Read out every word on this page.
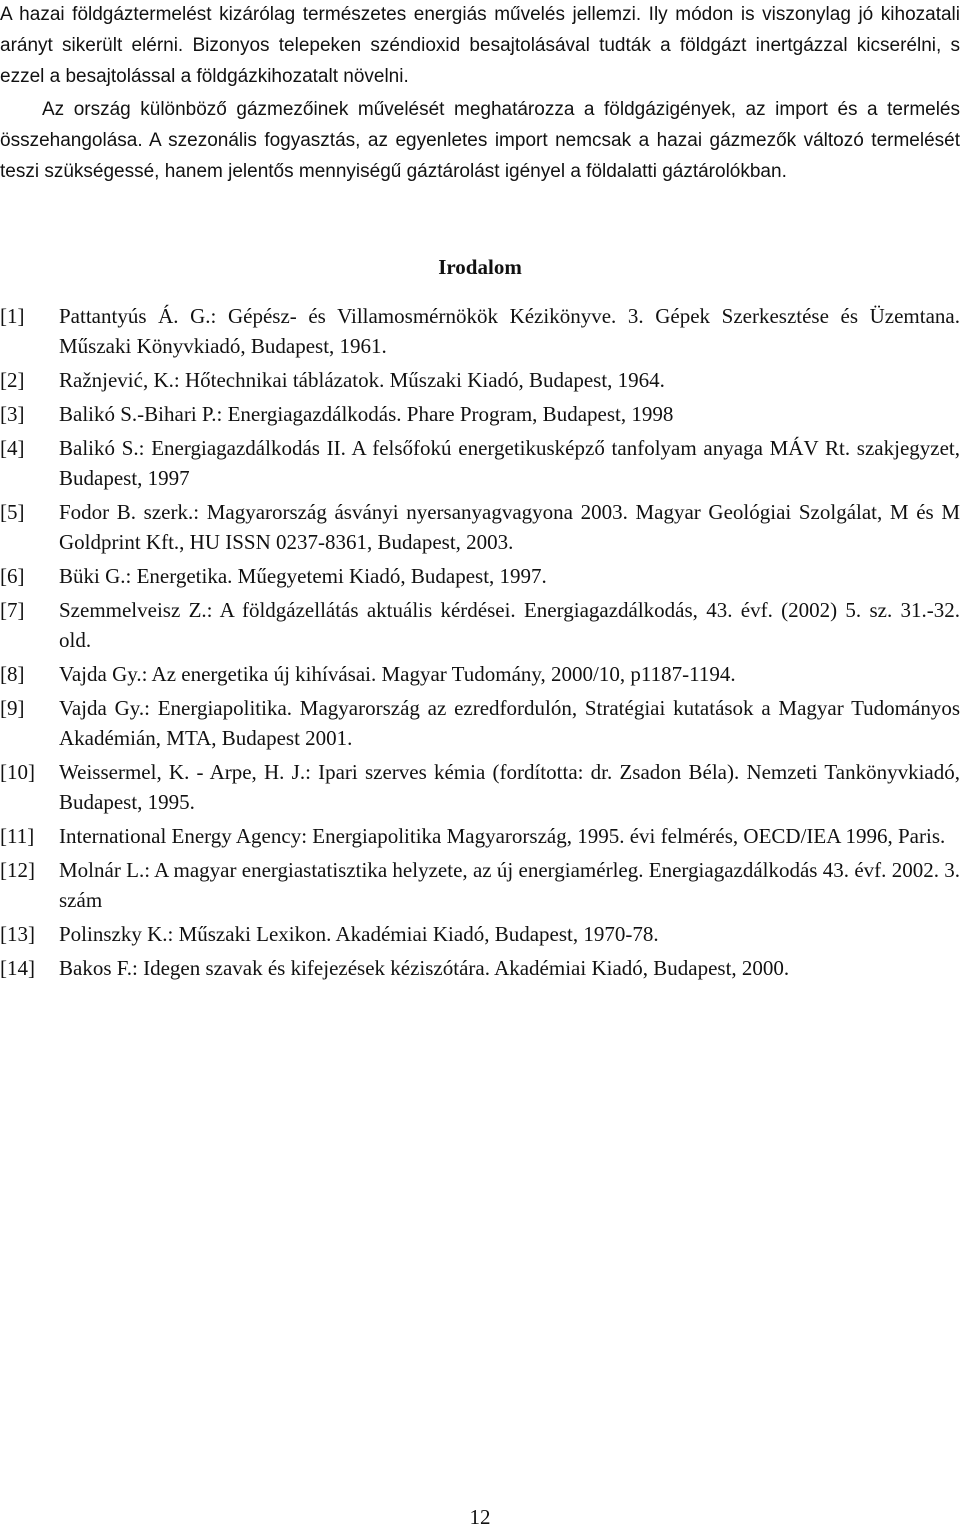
A hazai földgáztermelést kizárólag természetes energiás művelés jellemzi. Ily módon is viszonylag jó kihozatali arányt sikerült elérni. Bizonyos telepeken széndioxid besajtolásával tudták a földgázt inertgázzal kicserélni, s ezzel a besajtolással a földgázkihozatalt növelni.

Az ország különböző gázmezőinek művelését meghatározza a földgázigények, az import és a termelés összehangolása. A szezonális fogyasztás, az egyenletes import nemcsak a hazai gázmezők változó termelését teszi szükségessé, hanem jelentős mennyiségű gáztárolást igényel a földalatti gáztárolókban.

Irodalom
[1] Pattantyús Á. G.: Gépész- és Villamosmérnökök Kézikönyve. 3. Gépek Szerkesztése és Üzemtana. Műszaki Könyvkiadó, Budapest, 1961.
[2] Ražnjević, K.: Hőtechnikai táblázatok. Műszaki Kiadó, Budapest, 1964.
[3] Balikó S.-Bihari P.: Energiagazdálkodás. Phare Program, Budapest, 1998
[4] Balikó S.: Energiagazdálkodás II. A felsőfokú energetikusképző tanfolyam anyaga MÁV Rt. szakjegyzet, Budapest, 1997
[5] Fodor B. szerk.: Magyarország ásványi nyersanyagvagyona 2003. Magyar Geológiai Szolgálat, M és M Goldprint Kft., HU ISSN 0237-8361, Budapest, 2003.
[6] Büki G.: Energetika. Műegyetemi Kiadó, Budapest, 1997.
[7] Szemmelveisz Z.: A földgázellátás aktuális kérdései. Energiagazdálkodás, 43. évf. (2002) 5. sz. 31.-32. old.
[8] Vajda Gy.: Az energetika új kihívásai. Magyar Tudomány, 2000/10, p1187-1194.
[9] Vajda Gy.: Energiapolitika. Magyarország az ezredfordulón, Stratégiai kutatások a Magyar Tudományos Akadémián, MTA, Budapest 2001.
[10] Weissermel, K. - Arpe, H. J.: Ipari szerves kémia (fordította: dr. Zsadon Béla). Nemzeti Tankönyvkiadó, Budapest, 1995.
[11] International Energy Agency: Energiapolitika Magyarország, 1995. évi felmérés, OECD/IEA 1996, Paris.
[12] Molnár L.: A magyar energiastatisztika helyzete, az új energiamérleg. Energiagazdálkodás 43. évf. 2002. 3. szám
[13] Polinszky K.: Műszaki Lexikon. Akadémiai Kiadó, Budapest, 1970-78.
[14] Bakos F.: Idegen szavak és kifejezések kéziszótára. Akadémiai Kiadó, Budapest, 2000.
12
